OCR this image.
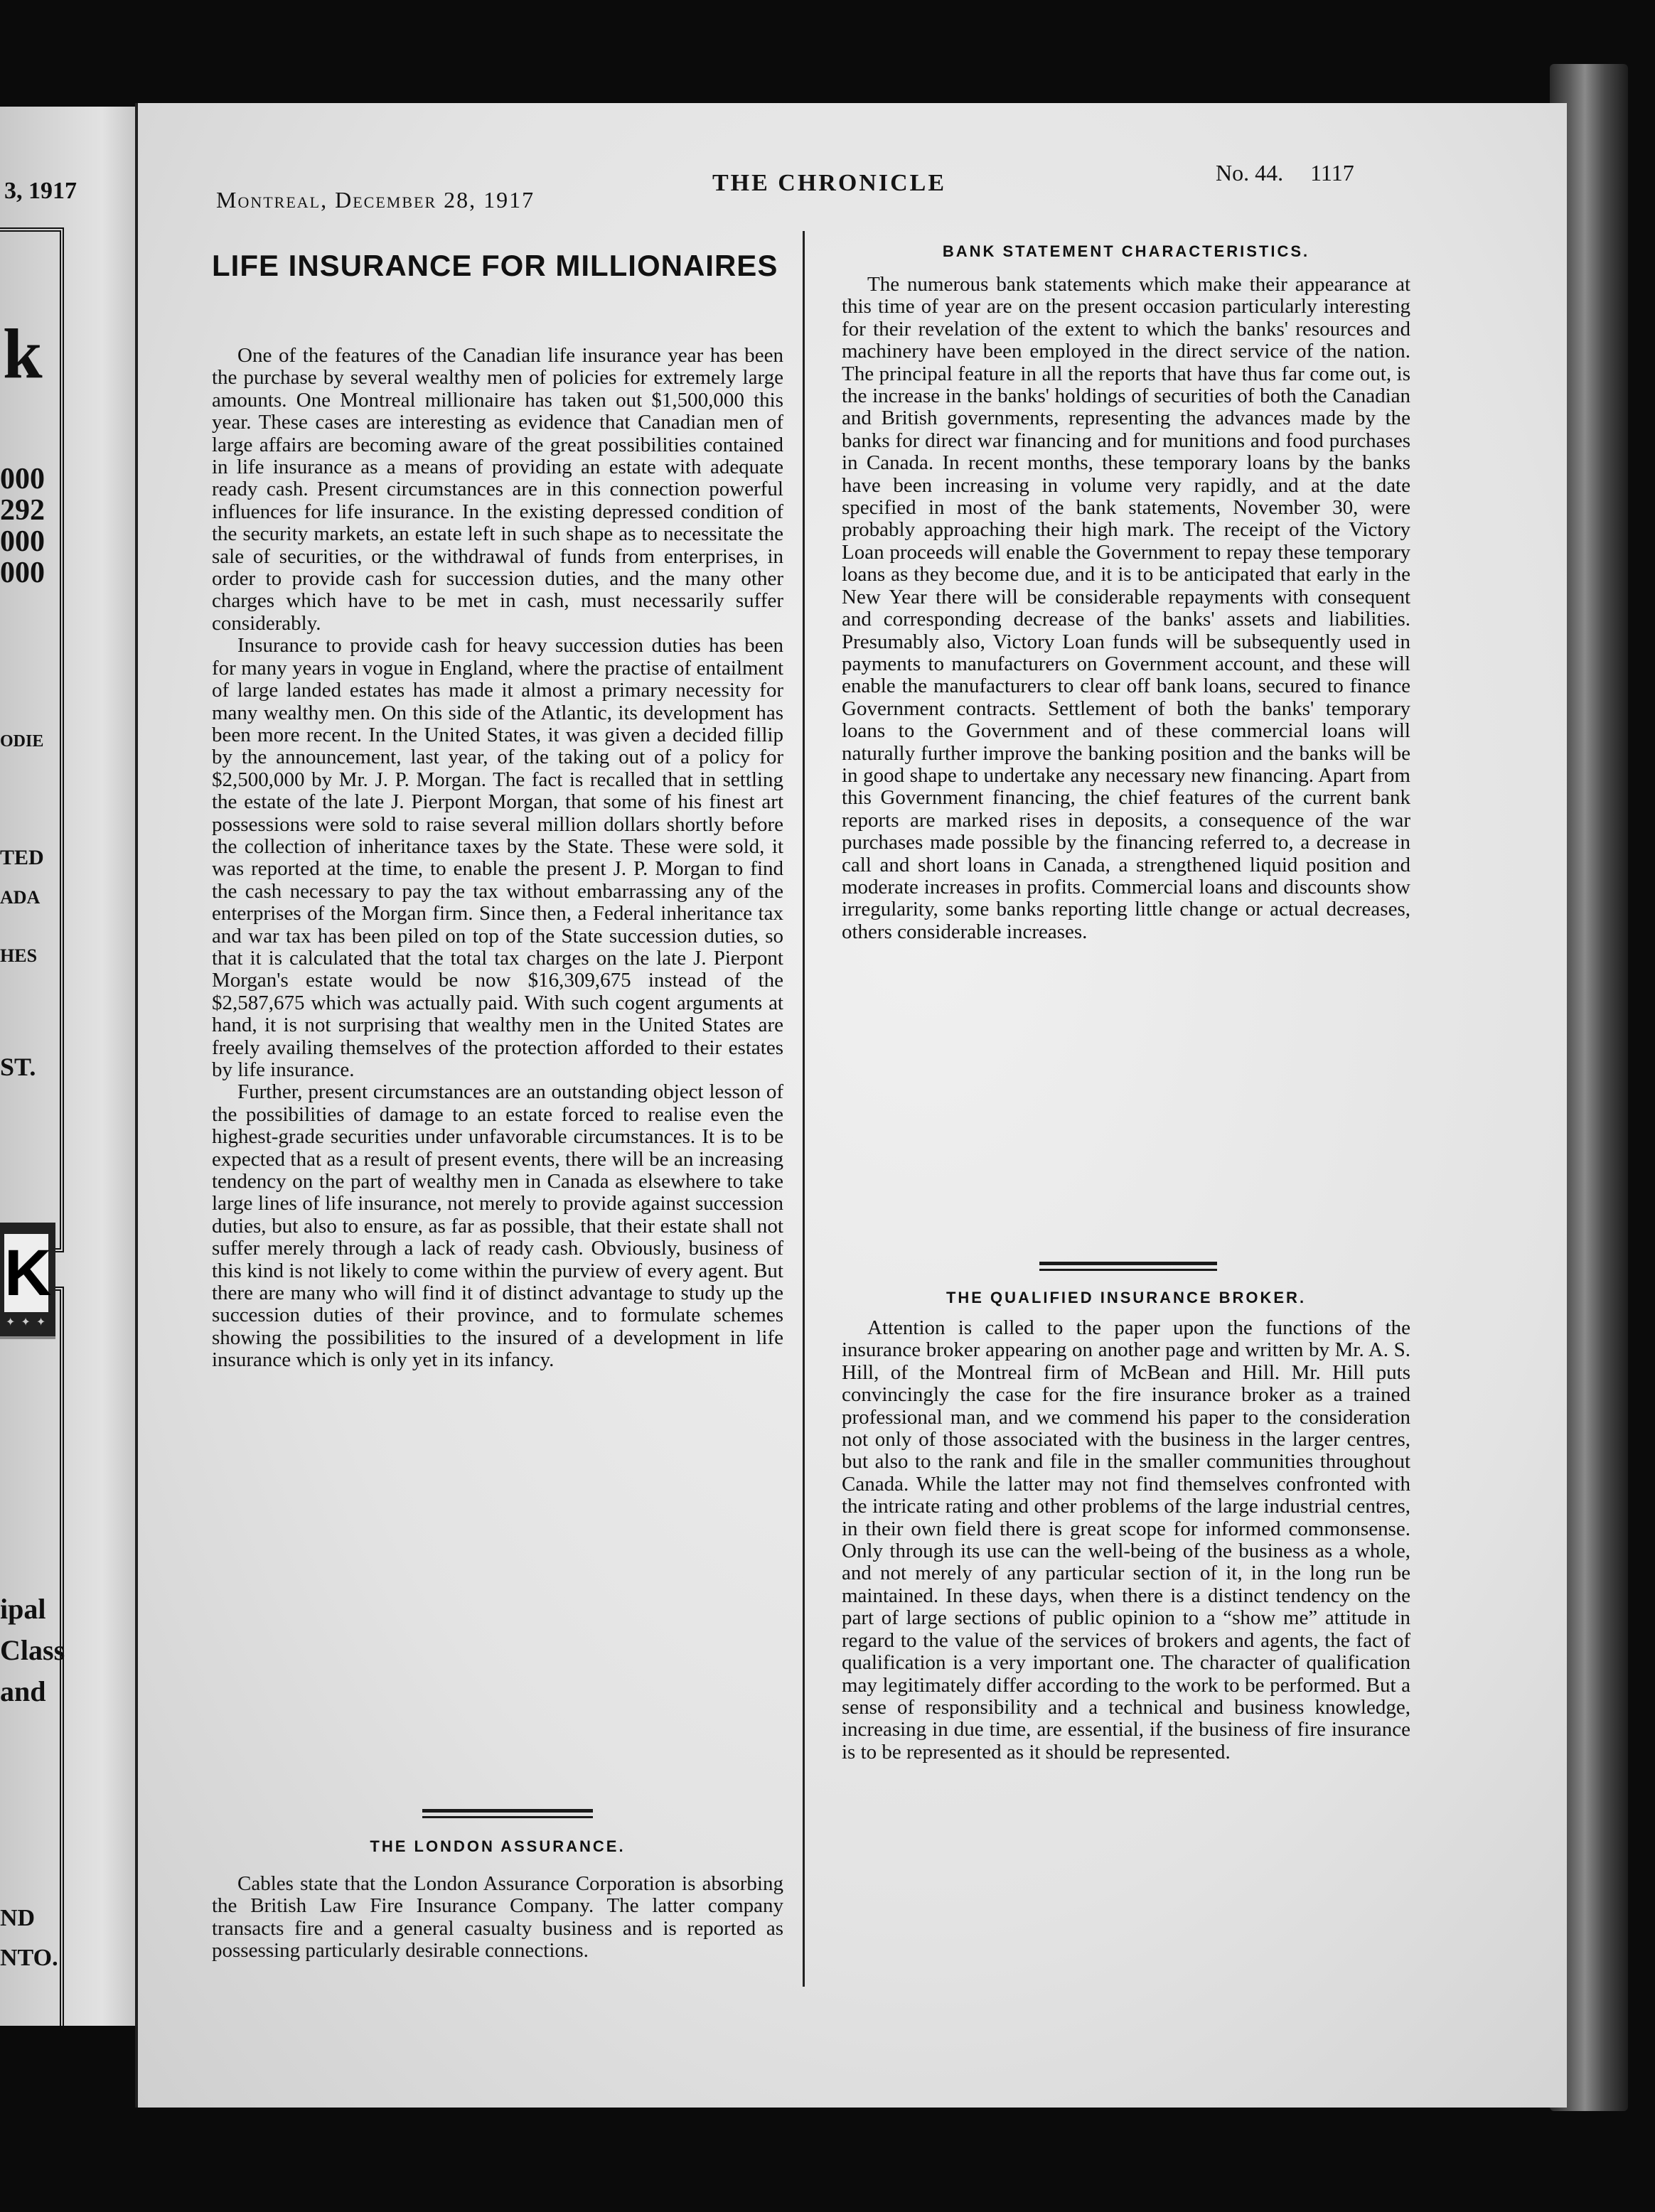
3, 1917
k
000
292
000
000
ODIE
TED
ADA
HES
ST.
K
✦ ✦ ✦
ipal
Class
and
ND
NTO.
Montreal, December 28, 1917
THE CHRONICLE	No. 44. 1117
LIFE INSURANCE FOR MILLIONAIRES

One of the features of the Canadian life insurance year has been the purchase by several wealthy men of policies for extremely large amounts. One Montreal millionaire has taken out $1,500,000 this year. These cases are interesting as evidence that Canadian men of large affairs are becoming aware of the great possibilities contained in life insurance as a means of providing an estate with adequate ready cash. Present circumstances are in this connection powerful influences for life insurance. In the existing depressed condition of the security markets, an estate left in such shape as to necessitate the sale of securities, or the withdrawal of funds from enterprises, in order to provide cash for succession duties, and the many other charges which have to be met in cash, must necessarily suffer considerably.

Insurance to provide cash for heavy succession duties has been for many years in vogue in England, where the practise of entailment of large landed estates has made it almost a primary necessity for many wealthy men. On this side of the Atlantic, its development has been more recent. In the United States, it was given a decided fillip by the announcement, last year, of the taking out of a policy for $2,500,000 by Mr. J. P. Morgan. The fact is recalled that in settling the estate of the late J. Pierpont Morgan, that some of his finest art possessions were sold to raise several million dollars shortly before the collection of inheritance taxes by the State. These were sold, it was reported at the time, to enable the present J. P. Morgan to find the cash necessary to pay the tax without embarrassing any of the enterprises of the Morgan firm. Since then, a Federal inheritance tax and war tax has been piled on top of the State succession duties, so that it is calculated that the total tax charges on the late J. Pierpont Morgan's estate would be now $16,309,675 instead of the $2,587,675 which was actually paid. With such cogent arguments at hand, it is not surprising that wealthy men in the United States are freely availing themselves of the protection afforded to their estates by life insurance.

Further, present circumstances are an outstanding object lesson of the possibilities of damage to an estate forced to realise even the highest-grade securities under unfavorable circumstances. It is to be expected that as a result of present events, there will be an increasing tendency on the part of wealthy men in Canada as elsewhere to take large lines of life insurance, not merely to provide against succession duties, but also to ensure, as far as possible, that their estate shall not suffer merely through a lack of ready cash. Obviously, business of this kind is not likely to come within the purview of every agent. But there are many who will find it of distinct advantage to study up the succession duties of their province, and to formulate schemes showing the possibilities to the insured of a development in life insurance which is only yet in its infancy.

THE LONDON ASSURANCE.

Cables state that the London Assurance Corporation is absorbing the British Law Fire Insurance Company. The latter company transacts fire and a general casualty business and is reported as possessing particularly desirable connections.

BANK STATEMENT CHARACTERISTICS.

The numerous bank statements which make their appearance at this time of year are on the present occasion particularly interesting for their revelation of the extent to which the banks' resources and machinery have been employed in the direct service of the nation. The principal feature in all the reports that have thus far come out, is the increase in the banks' holdings of securities of both the Canadian and British governments, representing the advances made by the banks for direct war financing and for munitions and food purchases in Canada. In recent months, these temporary loans by the banks have been increasing in volume very rapidly, and at the date specified in most of the bank statements, November 30, were probably approaching their high mark. The receipt of the Victory Loan proceeds will enable the Government to repay these temporary loans as they become due, and it is to be anticipated that early in the New Year there will be considerable repayments with consequent and corresponding decrease of the banks' assets and liabilities. Presumably also, Victory Loan funds will be subsequently used in payments to manufacturers on Government account, and these will enable the manufacturers to clear off bank loans, secured to finance Government contracts. Settlement of both the banks' temporary loans to the Government and of these commercial loans will naturally further improve the banking position and the banks will be in good shape to undertake any necessary new financing. Apart from this Government financing, the chief features of the current bank reports are marked rises in deposits, a consequence of the war purchases made possible by the financing referred to, a decrease in call and short loans in Canada, a strengthened liquid position and moderate increases in profits. Commercial loans and discounts show irregularity, some banks reporting little change or actual decreases, others considerable increases.

THE QUALIFIED INSURANCE BROKER.

Attention is called to the paper upon the functions of the insurance broker appearing on another page and written by Mr. A. S. Hill, of the Montreal firm of McBean and Hill. Mr. Hill puts convincingly the case for the fire insurance broker as a trained professional man, and we commend his paper to the consideration not only of those associated with the business in the larger centres, but also to the rank and file in the smaller communities throughout Canada. While the latter may not find themselves confronted with the intricate rating and other problems of the large industrial centres, in their own field there is great scope for informed commonsense. Only through its use can the well-being of the business as a whole, and not merely of any particular section of it, in the long run be maintained. In these days, when there is a distinct tendency on the part of large sections of public opinion to a “show me” attitude in regard to the value of the services of brokers and agents, the fact of qualification is a very important one. The character of qualification may legitimately differ according to the work to be performed. But a sense of responsibility and a technical and business knowledge, increasing in due time, are essential, if the business of fire insurance is to be represented as it should be represented.
